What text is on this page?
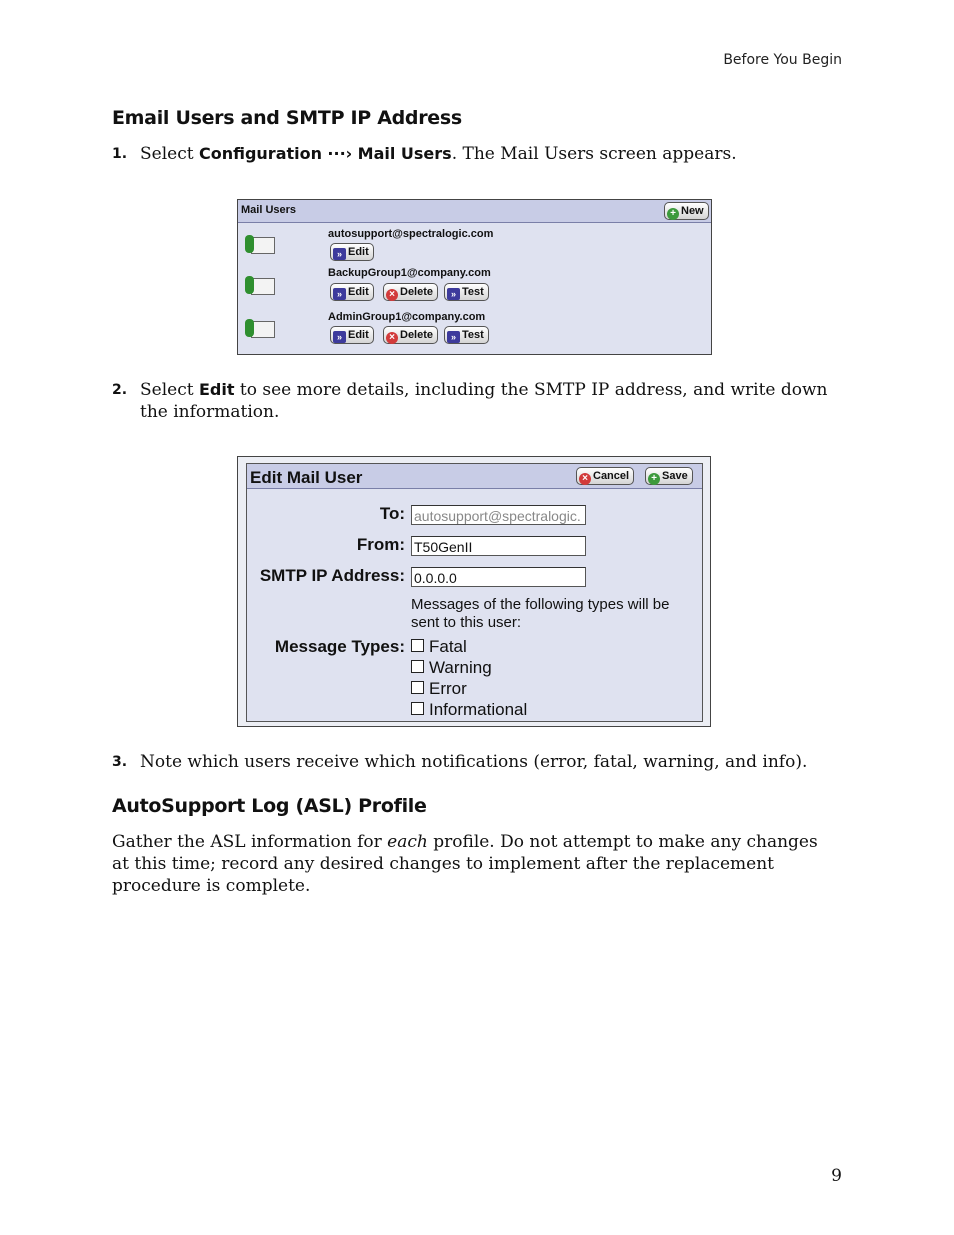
Before You Begin
Email Users and SMTP IP Address
1. Select Configuration ···› Mail Users. The Mail Users screen appears.
Mail Users	+ New
autosupport@spectralogic.com
» Edit
BackupGroup1@company.com
» Edit	× Delete	» Test
AdminGroup1@company.com
» Edit	× Delete	» Test
2. Select Edit to see more details, including the SMTP IP address, and write down the information.
Edit Mail User	× Cancel	+ Save
To: autosupport@spectralogic.
From: T50GenII
SMTP IP Address: 0.0.0.0
Messages of the following types will be sent to this user:
Message Types:	Fatal
Warning
Error
Informational
3. Note which users receive which notifications (error, fatal, warning, and info).
AutoSupport Log (ASL) Profile
Gather the ASL information for each profile. Do not attempt to make any changes at this time; record any desired changes to implement after the replacement procedure is complete.
9
